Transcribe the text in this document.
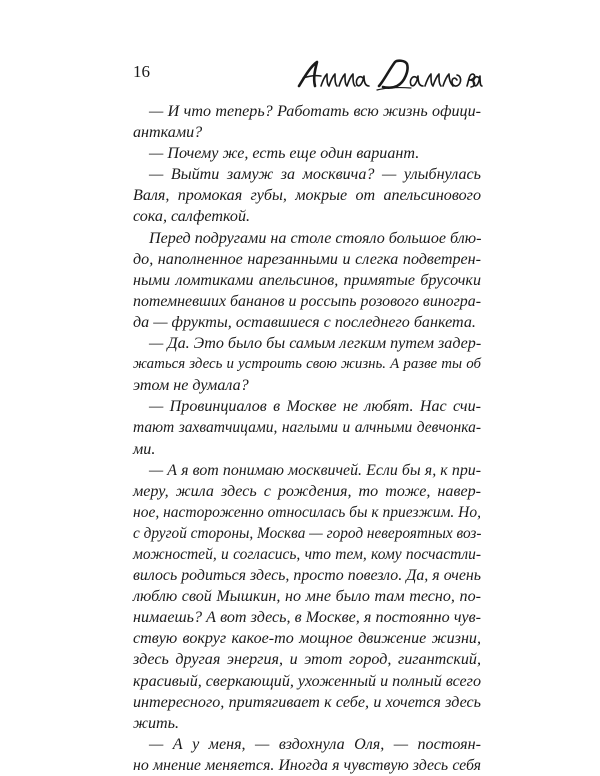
16
— И что теперь? Работать всю жизнь офици-
антками?
— Почему же, есть еще один вариант.
— Выйти замуж за москвича? — улыбнулась
Валя, промокая губы, мокрые от апельсинового
сока, салфеткой.
Перед подругами на столе стояло большое блю-
до, наполненное нарезанными и слегка подветрен-
ными ломтиками апельсинов, примятые брусочки
потемневших бананов и россыпь розового виногра-
да — фрукты, оставшиеся с последнего банкета.
— Да. Это было бы самым легким путем задер-
жаться здесь и устроить свою жизнь. А разве ты об
этом не думала?
— Провинциалов в Москве не любят. Нас счи-
тают захватчицами, наглыми и алчными девчонка-
ми.
— А я вот понимаю москвичей. Если бы я, к при-
меру, жила здесь с рождения, то тоже, навер-
ное, настороженно относилась бы к приезжим. Но,
с другой стороны, Москва — город невероятных воз-
можностей, и согласись, что тем, кому посчастли-
вилось родиться здесь, просто повезло. Да, я очень
люблю свой Мышкин, но мне было там тесно, по-
нимаешь? А вот здесь, в Москве, я постоянно чув-
ствую вокруг какое-то мощное движение жизни,
здесь другая энергия, и этот город, гигантский,
красивый, сверкающий, ухоженный и полный всего
интересного, притягивает к себе, и хочется здесь
жить.
— А у меня, — вздохнула Оля, — постоян-
но мнение меняется. Иногда я чувствую здесь себя
